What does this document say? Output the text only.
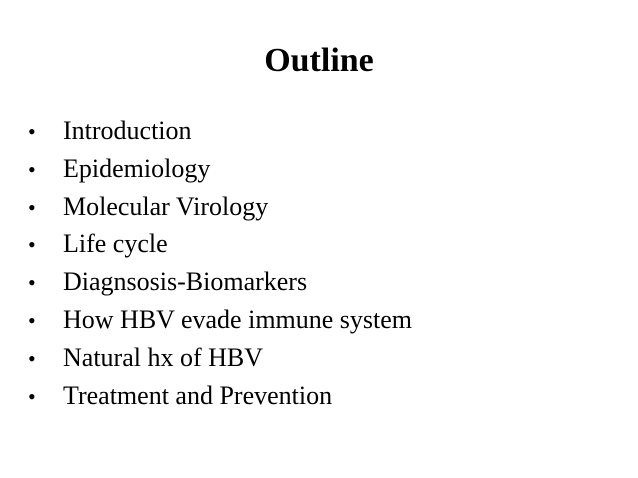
Outline
•	Introduction
•	Epidemiology
•	Molecular Virology
•	Life cycle
•	Diagnsosis-Biomarkers
•	How HBV evade immune system
•	Natural hx of HBV
•	Treatment and Prevention
